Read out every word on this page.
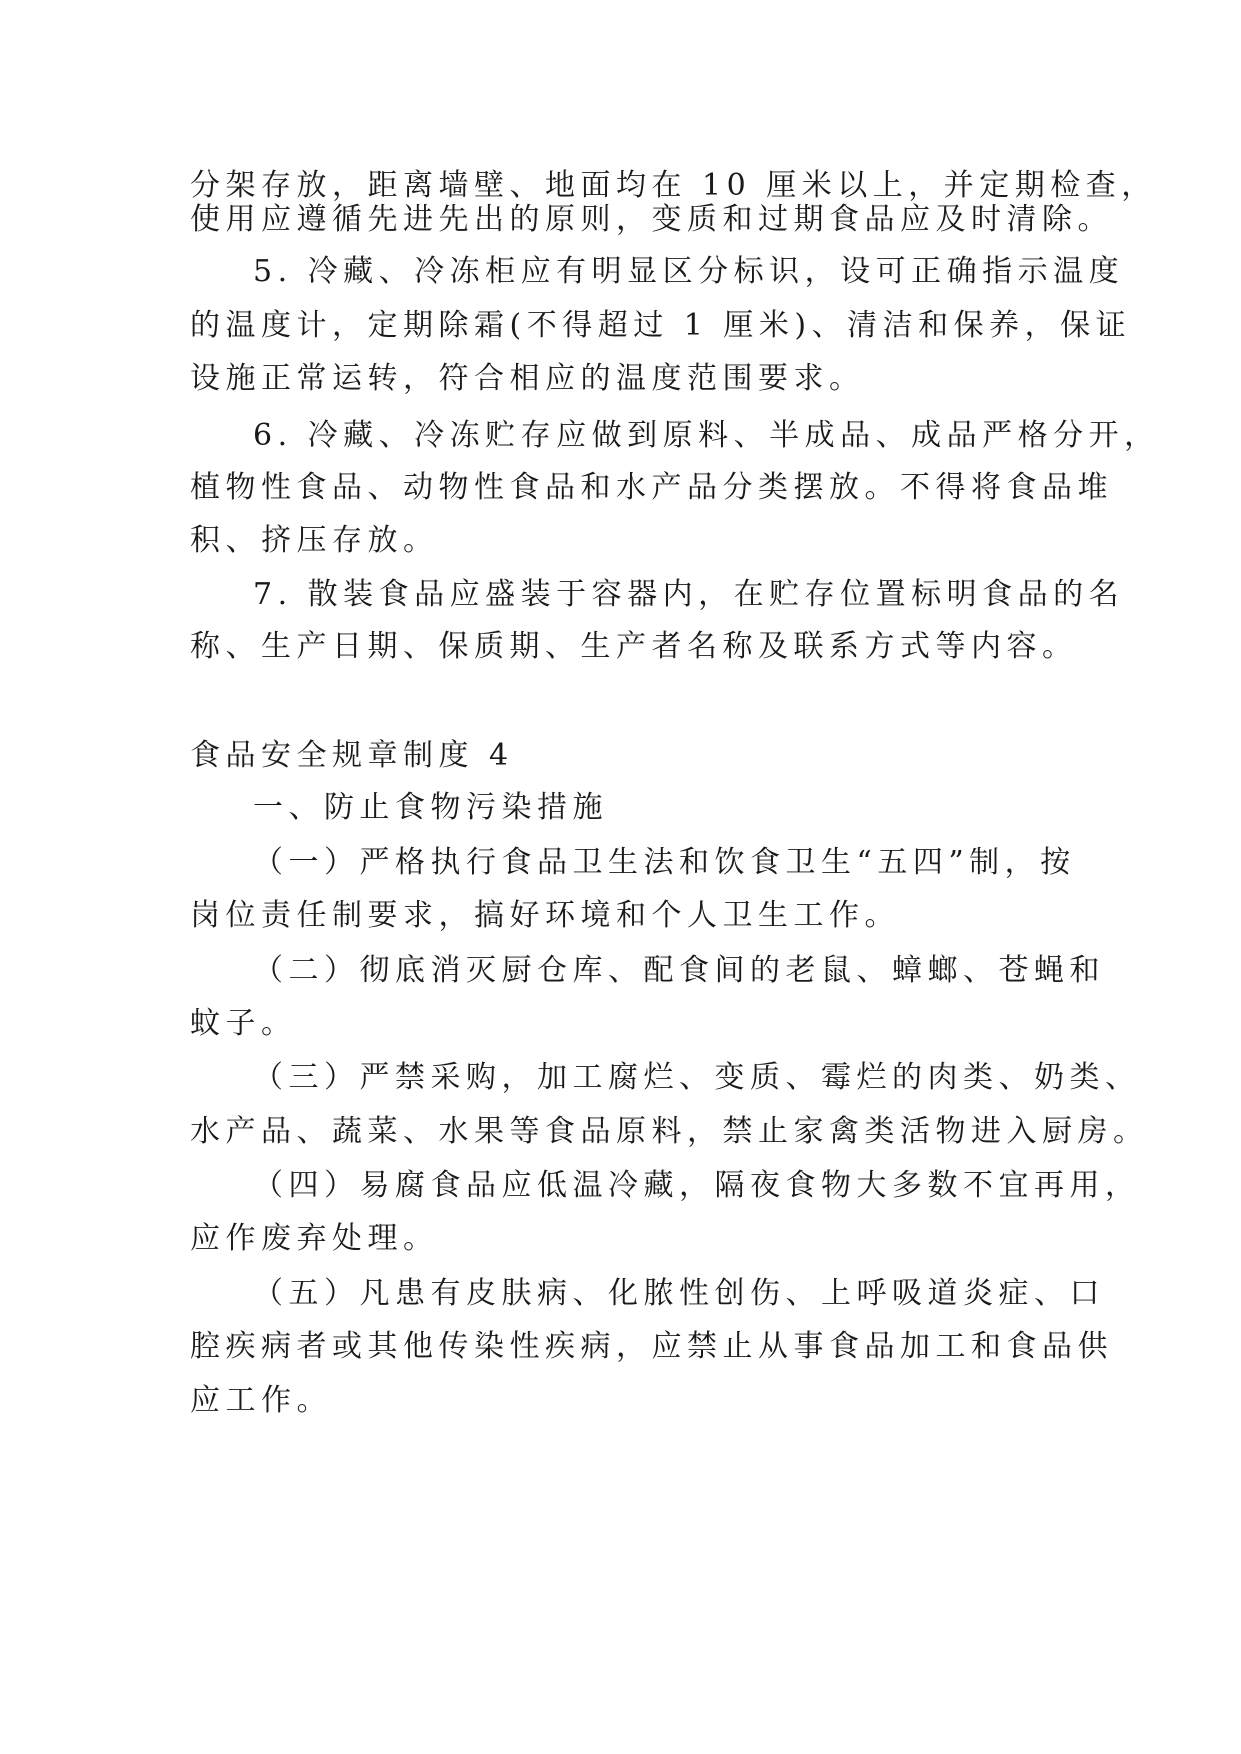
分架存放，距离墙壁、地面均在 10 厘米以上，并定期检查，
使用应遵循先进先出的原则，变质和过期食品应及时清除。
5. 冷藏、冷冻柜应有明显区分标识，设可正确指示温度
的温度计，定期除霜(不得超过 1 厘米)、清洁和保养，保证
设施正常运转，符合相应的温度范围要求。
6. 冷藏、冷冻贮存应做到原料、半成品、成品严格分开，
植物性食品、动物性食品和水产品分类摆放。不得将食品堆
积、挤压存放。
7. 散装食品应盛装于容器内，在贮存位置标明食品的名
称、生产日期、保质期、生产者名称及联系方式等内容。
食品安全规章制度 4
一、防止食物污染措施
（一）严格执行食品卫生法和饮食卫生“五四”制，按
岗位责任制要求，搞好环境和个人卫生工作。
（二）彻底消灭厨仓库、配食间的老鼠、蟑螂、苍蝇和
蚊子。
（三）严禁采购，加工腐烂、变质、霉烂的肉类、奶类、
水产品、蔬菜、水果等食品原料，禁止家禽类活物进入厨房。
（四）易腐食品应低温冷藏，隔夜食物大多数不宜再用，
应作废弃处理。
（五）凡患有皮肤病、化脓性创伤、上呼吸道炎症、口
腔疾病者或其他传染性疾病，应禁止从事食品加工和食品供
应工作。
